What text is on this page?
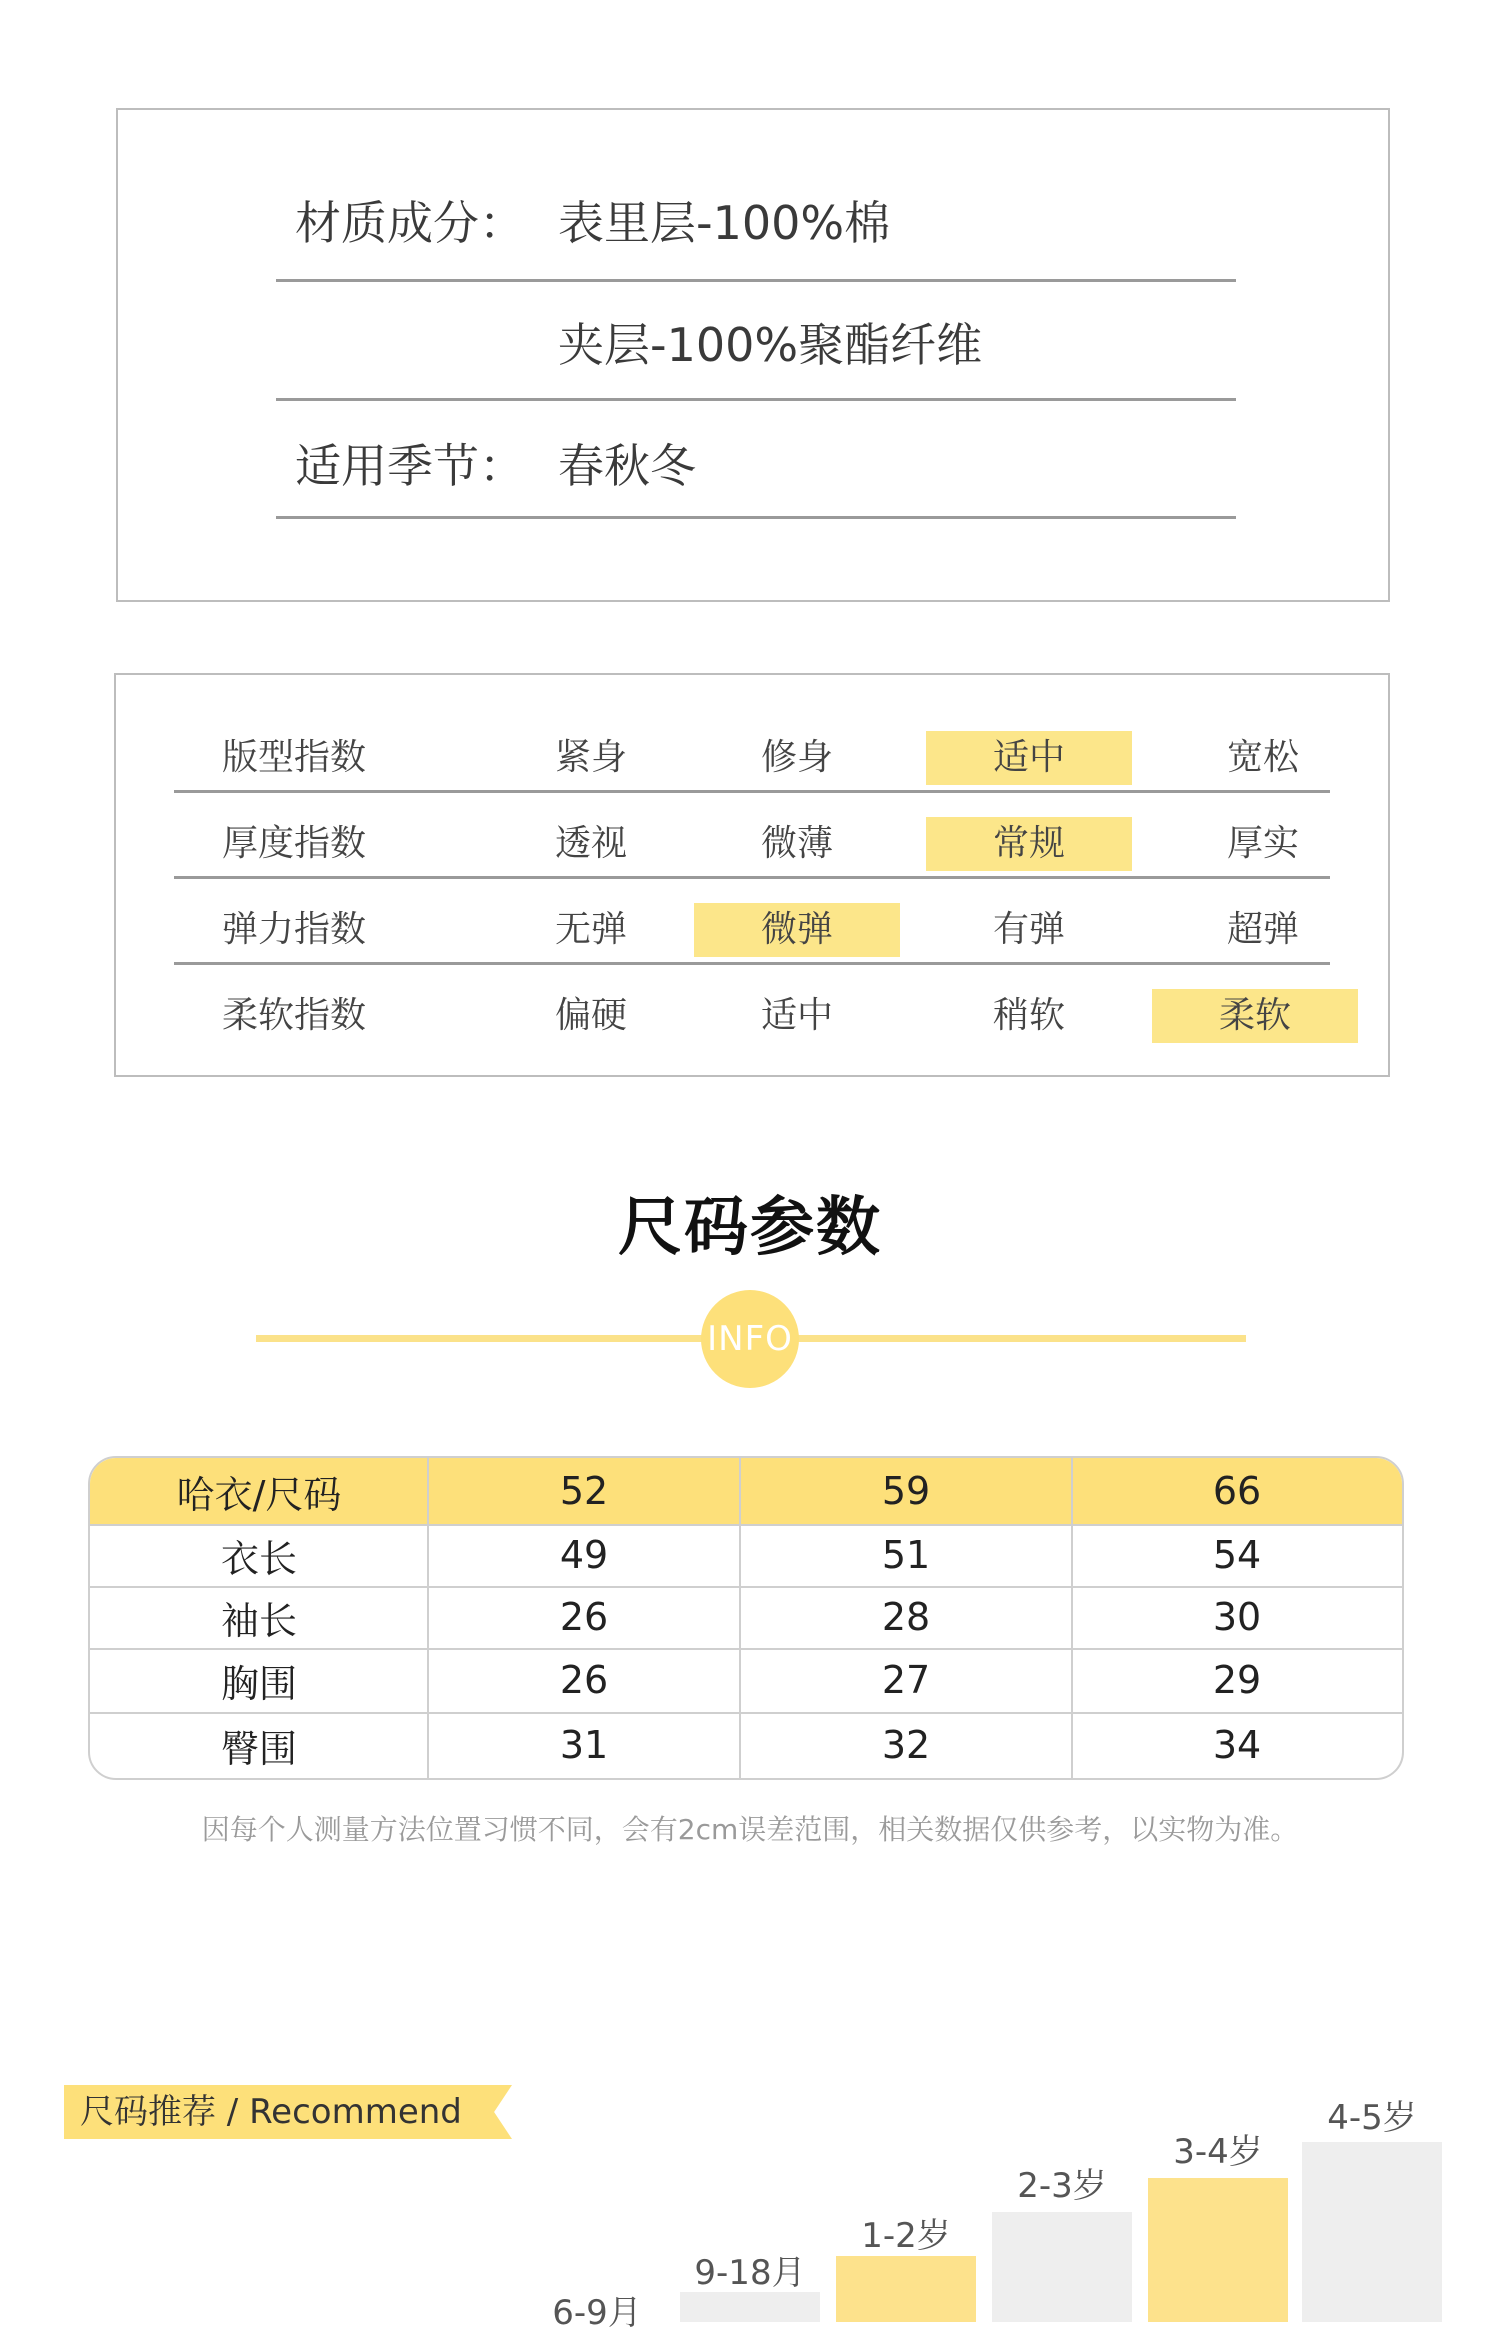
材质成分： 表里层-100%棉
夹层-100%聚酯纤维
适用季节： 春秋冬
版型指数	紧身	修身	适中	宽松
厚度指数	透视	微薄	常规	厚实
弹力指数	无弹	微弹	有弹	超弹
柔软指数	偏硬	适中	稍软	柔软
尺码参数
INFO
哈衣/尺码	52	59	66
衣长	49	51	54
袖长	26	28	30
胸围	26	27	29
臀围	31	32	34
因每个人测量方法位置习惯不同，会有2cm误差范围，相关数据仅供参考，以实物为准。
尺码推荐 / Recommend
6-9月
9-18月
1-2岁
2-3岁
3-4岁
4-5岁
